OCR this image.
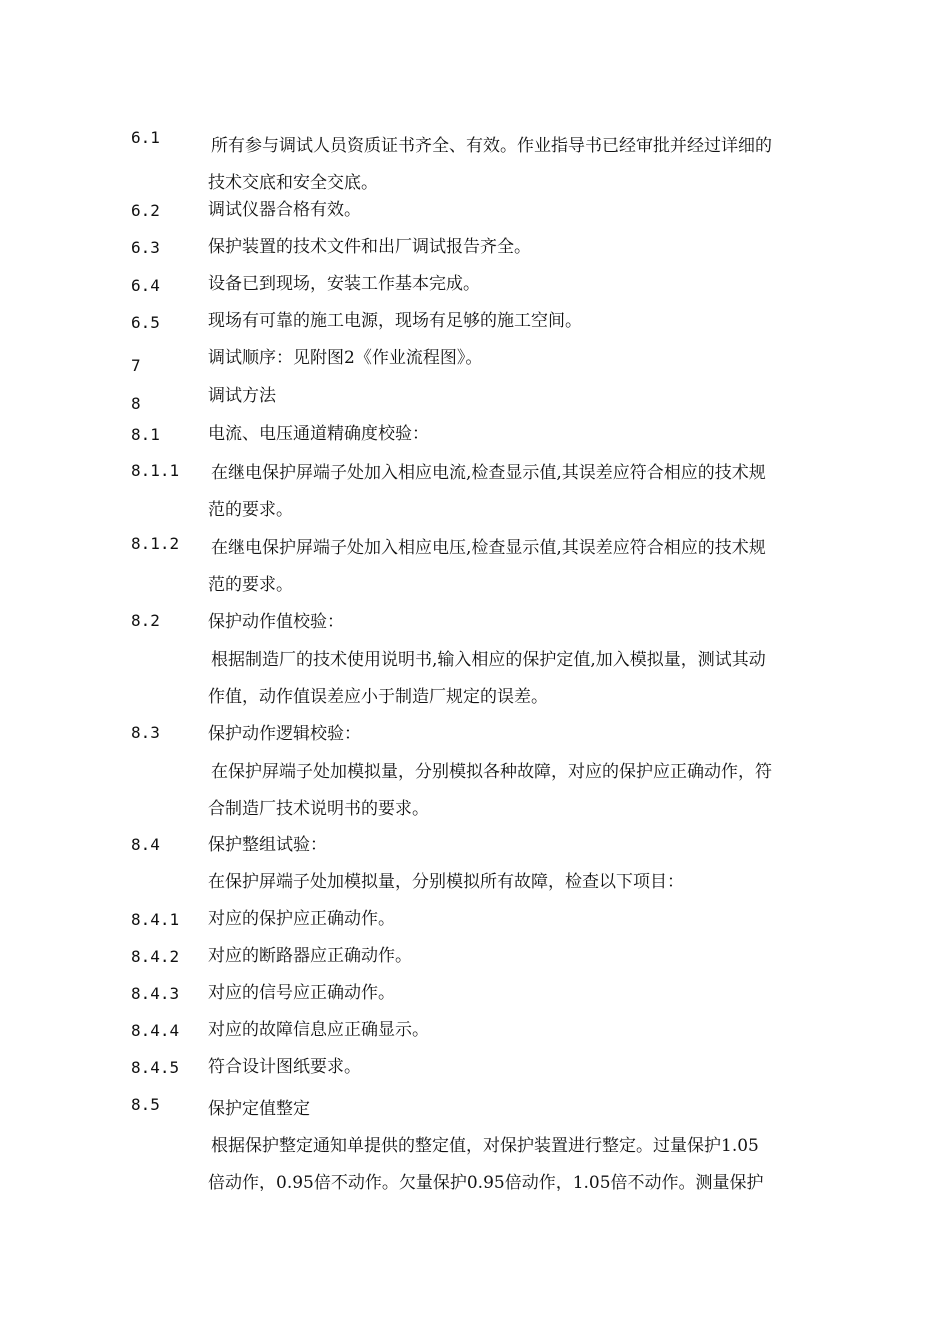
6.1	所有参与调试人员资质证书齐全、有效。作业指导书已经审批并经过详细的
技术交底和安全交底。
6.2	调试仪器合格有效。
6.3	保护装置的技术文件和出厂调试报告齐全。
6.4	设备已到现场，安装工作基本完成。
6.5	现场有可靠的施工电源，现场有足够的施工空间。
7	调试顺序：见附图2《作业流程图》。
8	调试方法
8.1	电流、电压通道精确度校验：
8.1.1 在继电保护屏端子处加入相应电流,检查显示值,其误差应符合相应的技术规
范的要求。
8.1.2 在继电保护屏端子处加入相应电压,检查显示值,其误差应符合相应的技术规
范的要求。
8.2	保护动作值校验：
根据制造厂的技术使用说明书,输入相应的保护定值,加入模拟量，测试其动
作值，动作值误差应小于制造厂规定的误差。
8.3	保护动作逻辑校验：
在保护屏端子处加模拟量，分别模拟各种故障，对应的保护应正确动作，符
合制造厂技术说明书的要求。
8.4	保护整组试验：
在保护屏端子处加模拟量，分别模拟所有故障，检查以下项目：
8.4.1 对应的保护应正确动作。
8.4.2 对应的断路器应正确动作。
8.4.3 对应的信号应正确动作。
8.4.4 对应的故障信息应正确显示。
8.4.5 符合设计图纸要求。
8.5	保护定值整定
根据保护整定通知单提供的整定值，对保护装置进行整定。过量保护1.05
倍动作，0.95倍不动作。欠量保护0.95倍动作，1.05倍不动作。测量保护
